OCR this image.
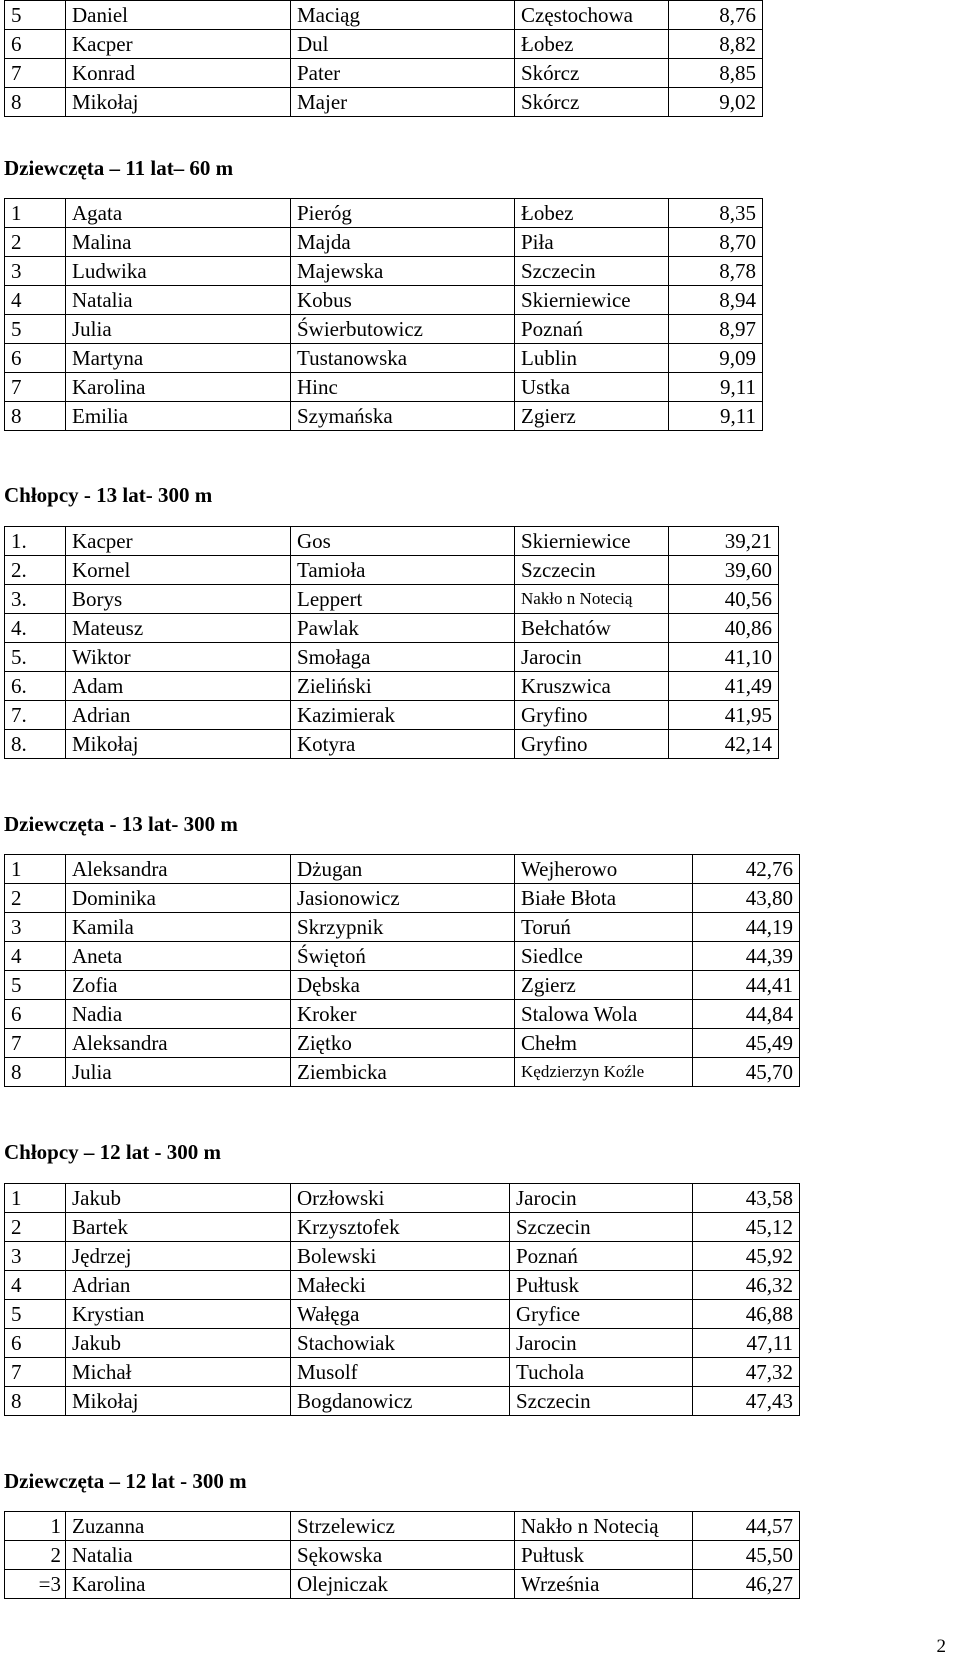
5	Daniel	Maciąg	Częstochowa	8,76
6	Kacper	Dul	Łobez	8,82
7	Konrad	Pater	Skórcz	8,85
8	Mikołaj	Majer	Skórcz	9,02
Dziewczęta – 11 lat– 60 m
1	Agata	Pieróg	Łobez	8,35
2	Malina	Majda	Piła	8,70
3	Ludwika	Majewska	Szczecin	8,78
4	Natalia	Kobus	Skierniewice	8,94
5	Julia	Świerbutowicz	Poznań	8,97
6	Martyna	Tustanowska	Lublin	9,09
7	Karolina	Hinc	Ustka	9,11
8	Emilia	Szymańska	Zgierz	9,11
Chłopcy - 13 lat- 300 m
1.	Kacper	Gos	Skierniewice	39,21
2.	Kornel	Tamioła	Szczecin	39,60
3.	Borys	Leppert	Nakło n Notecią	40,56
4.	Mateusz	Pawlak	Bełchatów	40,86
5.	Wiktor	Smołaga	Jarocin	41,10
6.	Adam	Zieliński	Kruszwica	41,49
7.	Adrian	Kazimierak	Gryfino	41,95
8.	Mikołaj	Kotyra	Gryfino	42,14
Dziewczęta - 13 lat- 300 m
1	Aleksandra	Dżugan	Wejherowo	42,76
2	Dominika	Jasionowicz	Białe Błota	43,80
3	Kamila	Skrzypnik	Toruń	44,19
4	Aneta	Świętoń	Siedlce	44,39
5	Zofia	Dębska	Zgierz	44,41
6	Nadia	Kroker	Stalowa Wola	44,84
7	Aleksandra	Ziętko	Chełm	45,49
8	Julia	Ziembicka	Kędzierzyn Koźle	45,70
Chłopcy – 12 lat - 300 m
1	Jakub	Orzłowski	Jarocin	43,58
2	Bartek	Krzysztofek	Szczecin	45,12
3	Jędrzej	Bolewski	Poznań	45,92
4	Adrian	Małecki	Pułtusk	46,32
5	Krystian	Wałęga	Gryfice	46,88
6	Jakub	Stachowiak	Jarocin	47,11
7	Michał	Musolf	Tuchola	47,32
8	Mikołaj	Bogdanowicz	Szczecin	47,43
Dziewczęta – 12 lat - 300 m
1	Zuzanna	Strzelewicz	Nakło n Notecią	44,57
2	Natalia	Sękowska	Pułtusk	45,50
=3	Karolina	Olejniczak	Września	46,27
2
